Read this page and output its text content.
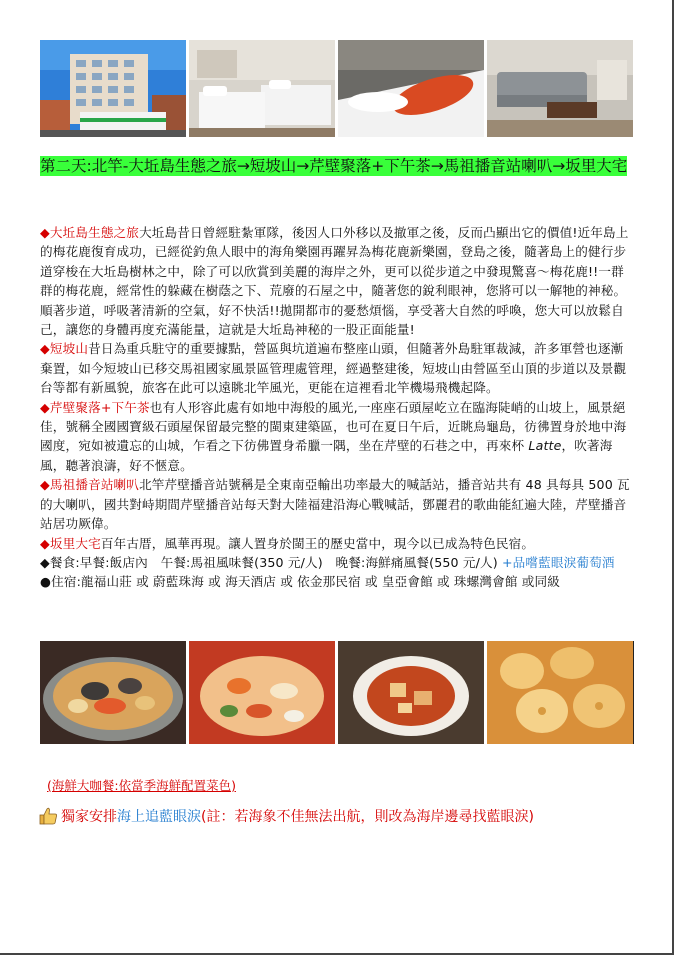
第二天:北竿-大坵島生態之旅→短坡山→芹壁聚落+下午茶→馬祖播音站喇叭→坂里大宅

◆大坵島生態之旅大坵島昔日曾經駐紮軍隊，後因人口外移以及撤軍之後，反而凸顯出它的價值!近年島上的梅花鹿復育成功，已經從釣魚人眼中的海角樂園再躍昇為梅花鹿新樂園，登島之後，隨著島上的健行步道穿梭在大坵島樹林之中，除了可以欣賞到美麗的海岸之外，更可以從步道之中發現驚喜～梅花鹿!!一群群的梅花鹿，經常性的躲藏在樹蔭之下、荒廢的石屋之中，隨著您的銳利眼神，您將可以一解牠的神秘。順著步道，呼吸著清新的空氣，好不快活!!拋開都市的憂愁煩惱，享受著大自然的呼喚，您大可以放鬆自己，讓您的身體再度充滿能量，這就是大坵島神秘的一股正面能量!

◆短坡山昔日為重兵駐守的重要據點，營區與坑道遍布整座山頭，但隨著外島駐軍裁減，許多軍營也逐漸棄置，如今短坡山已移交馬祖國家風景區管理處管理，經過整建後，短坡山由營區至山頂的步道以及景觀台等都有新風貌，旅客在此可以遠眺北竿風光，更能在這裡看北竿機場飛機起降。

◆芹壁聚落+下午茶也有人形容此處有如地中海般的風光,一座座石頭屋屹立在臨海陡峭的山坡上，風景絕佳，號稱全國國寶級石頭屋保留最完整的閩東建築區，也可在夏日午后，近眺烏龜島，彷彿置身於地中海國度，宛如被遺忘的山城，乍看之下彷佛置身希臘一隅，坐在芹壁的石巷之中，再來杯 Latte，吹著海風，聽著浪濤，好不愜意。

◆馬祖播音站喇叭北竿芹壁播音站號稱是全東南亞輸出功率最大的喊話站，播音站共有 48 具每具 500 瓦的大喇叭，國共對峙期間芹壁播音站每天對大陸福建沿海心戰喊話，鄧麗君的歌曲能紅遍大陸，芹壁播音站居功厥偉。

◆坂里大宅百年古厝，風華再現。讓人置身於閩王的歷史當中，現今以已成為特色民宿。

◆餐食:早餐:飯店內　午餐:馬祖風味餐(350 元/人)　晚餐:海鮮痛風餐(550 元/人) +品嚐藍眼淚葡萄酒

●住宿:龍福山莊 或 蔚藍珠海 或 海天酒店 或 依金那民宿 或 皇亞會館 或 珠螺灣會館 或同級

(海鮮大咖餐:依當季海鮮配置菜色)
獨家安排 海上追藍眼淚 (註：若海象不佳無法出航，則改為海岸邊尋找藍眼淚)
